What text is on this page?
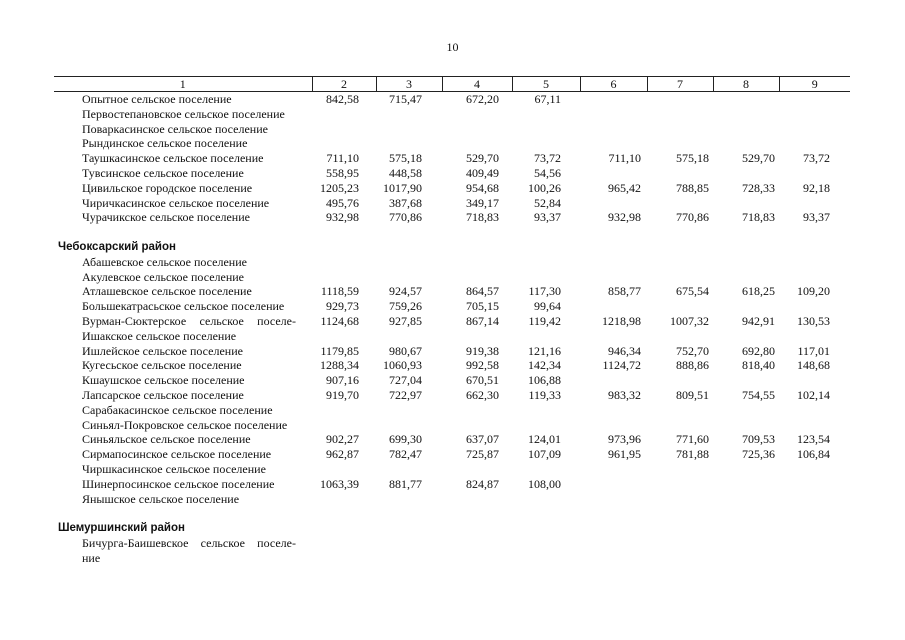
10
1	2	3	4	5	6	7	8	9
Опытное сельское поселение	842,58	715,47	672,20	67,11				
Первостепановское сельское поселение								
Поваркасинское сельское поселение								
Рындинское сельское поселение								
Таушкасинское сельское поселение	711,10	575,18	529,70	73,72	711,10	575,18	529,70	73,72
Тувсинское сельское поселение	558,95	448,58	409,49	54,56				
Цивильское городское поселение	1205,23	1017,90	954,68	100,26	965,42	788,85	728,33	92,18
Чиричкасинское сельское поселение	495,76	387,68	349,17	52,84				
Чурачикское сельское поселение	932,98	770,86	718,83	93,37	932,98	770,86	718,83	93,37

Чебоксарский район								
Абашевское сельское поселение								
Акулевское сельское поселение								
Атлашевское сельское поселение	1118,59	924,57	864,57	117,30	858,77	675,54	618,25	109,20
Большекатрасьское сельское поселение	929,73	759,26	705,15	99,64				
Вурман-Сюктерское сельское поселе-	1124,68	927,85	867,14	119,42	1218,98	1007,32	942,91	130,53
Ишакское сельское поселение								
Ишлейское сельское поселение	1179,85	980,67	919,38	121,16	946,34	752,70	692,80	117,01
Кугесьское сельское поселение	1288,34	1060,93	992,58	142,34	1124,72	888,86	818,40	148,68
Кшаушское сельское поселение	907,16	727,04	670,51	106,88				
Лапсарское сельское поселение	919,70	722,97	662,30	119,33	983,32	809,51	754,55	102,14
Сарабакасинское сельское поселение								
Синьял-Покровское сельское поселение								
Синьяльское сельское поселение	902,27	699,30	637,07	124,01	973,96	771,60	709,53	123,54
Сирмапосинское сельское поселение	962,87	782,47	725,87	107,09	961,95	781,88	725,36	106,84
Чиршкасинское сельское поселение								
Шинерпосинское сельское поселение	1063,39	881,77	824,87	108,00				
Янышское сельское поселение								

Шемуршинский район								
Бичурга-Баишевское сельское поселе-								
ние								
